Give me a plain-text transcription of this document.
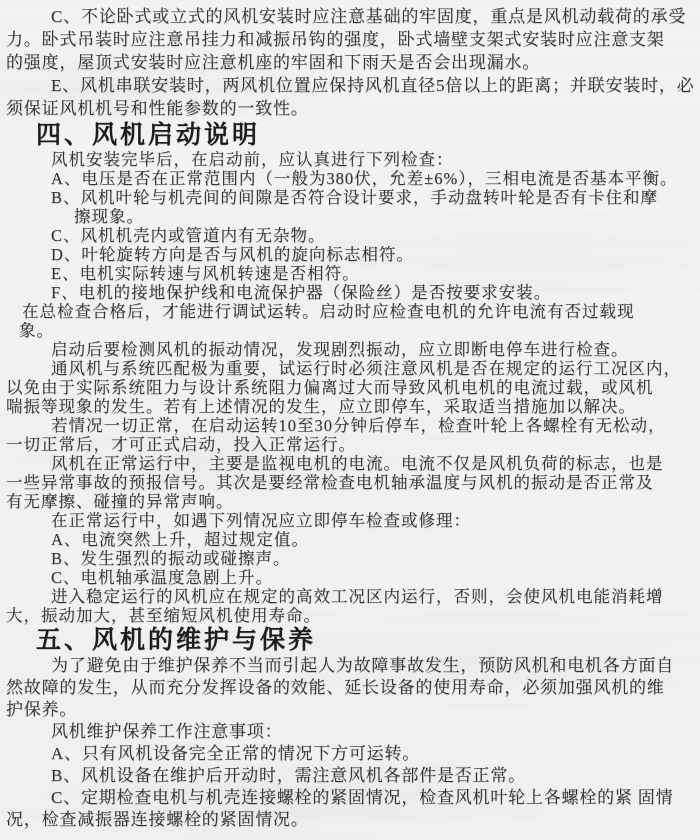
C、不论卧式或立式的风机安装时应注意基础的牢固度，重点是风机动载荷的承受
力。卧式吊装时应注意吊挂力和减振吊钩的强度，卧式墙壁支架式安装时应注意支架
的强度，屋顶式安装时应注意机座的牢固和下雨天是否会出现漏水。
E、风机串联安装时，两风机位置应保持风机直径5倍以上的距离；并联安装时，必
须保证风机机号和性能参数的一致性。
四、风机启动说明
风机安装完毕后，在启动前，应认真进行下列检查：
A、电压是否在正常范围内（一般为380伏，允差±6%），三相电流是否基本平衡。
B、风机叶轮与机壳间的间隙是否符合设计要求，手动盘转叶轮是否有卡住和摩
擦现象。
C、风机机壳内或管道内有无杂物。
D、叶轮旋转方向是否与风机的旋向标志相符。
E、电机实际转速与风机转速是否相符。
F、电机的接地保护线和电流保护器（保险丝）是否按要求安装。
在总检查合格后，才能进行调试运转。启动时应检查电机的允许电流有否过载现
象。
启动后要检测风机的振动情况，发现剧烈振动，应立即断电停车进行检查。
通风机与系统匹配极为重要，试运行时必须注意风机是否在规定的运行工况区内，
以免由于实际系统阻力与设计系统阻力偏离过大而导致风机电机的电流过载，或风机
喘振等现象的发生。若有上述情况的发生，应立即停车，采取适当措施加以解决。
若情况一切正常，在启动运转10至30分钟后停车，检查叶轮上各螺栓有无松动，
一切正常后，才可正式启动，投入正常运行。
风机在正常运行中，主要是监视电机的电流。电流不仅是风机负荷的标志，也是
一些异常事故的预报信号。其次是要经常检查电机轴承温度与风机的振动是否正常及
有无摩擦、碰撞的异常声响。
在正常运行中，如遇下列情况应立即停车检查或修理：
A、电流突然上升，超过规定值。
B、发生强烈的振动或碰擦声。
C、电机轴承温度急剧上升。
进入稳定运行的风机应在规定的高效工况区内运行，否则，会使风机电能消耗增
大，振动加大，甚至缩短风机使用寿命。
五、风机的维护与保养
为了避免由于维护保养不当而引起人为故障事故发生，预防风机和电机各方面自
然故障的发生，从而充分发挥设备的效能、延长设备的使用寿命，必须加强风机的维
护保养。
风机维护保养工作注意事项：
A、只有风机设备完全正常的情况下方可运转。
B、风机设备在维护后开动时，需注意风机各部件是否正常。
C、定期检查电机与机壳连接螺栓的紧固情况，检查风机叶轮上各螺栓的紧 固情
况，检查减振器连接螺栓的紧固情况。
